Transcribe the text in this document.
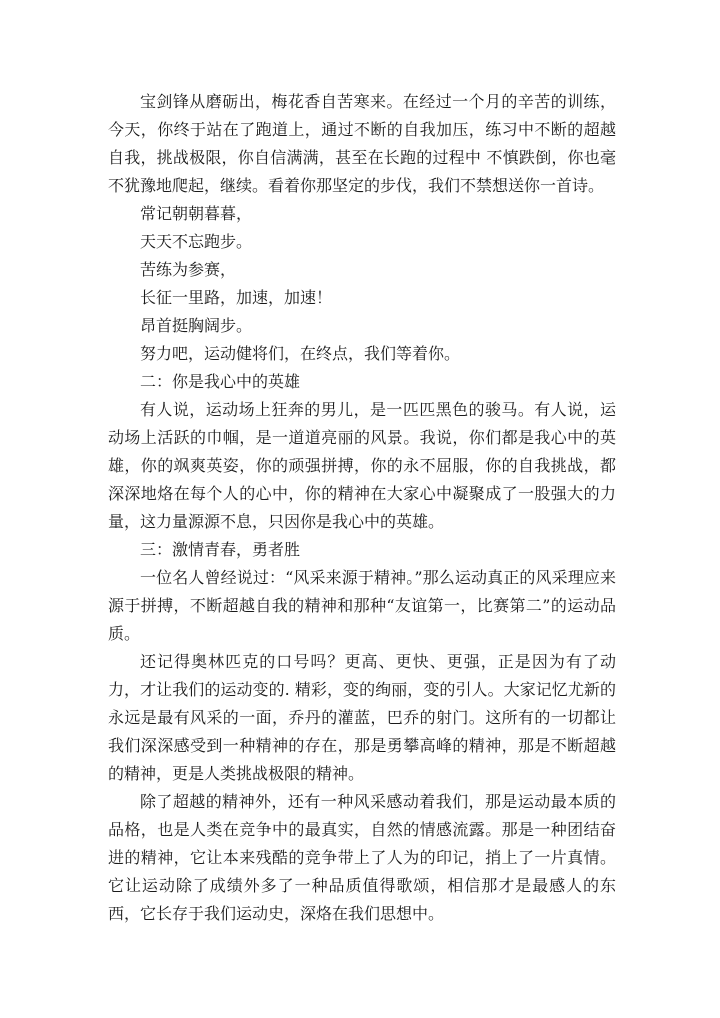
宝剑锋从磨砺出，梅花香自苦寒来。在经过一个月的辛苦的训练，今天，你终于站在了跑道上，通过不断的自我加压，练习中不断的超越自我，挑战极限，你自信满满，甚至在长跑的过程中 不慎跌倒，你也毫不犹豫地爬起，继续。看着你那坚定的步伐，我们不禁想送你一首诗。

常记朝朝暮暮，

天天不忘跑步。

苦练为参赛，

长征一里路，加速，加速！

昂首挺胸阔步。

努力吧，运动健将们，在终点，我们等着你。

二：你是我心中的英雄

有人说，运动场上狂奔的男儿，是一匹匹黑色的骏马。有人说，运动场上活跃的巾帼，是一道道亮丽的风景。我说，你们都是我心中的英雄，你的飒爽英姿，你的顽强拼搏，你的永不屈服，你的自我挑战，都深深地烙在每个人的心中，你的精神在大家心中凝聚成了一股强大的力量，这力量源源不息，只因你是我心中的英雄。

三：激情青春，勇者胜

一位名人曾经说过：“风采来源于精神。”那么运动真正的风采理应来源于拼搏，不断超越自我的精神和那种“友谊第一，比赛第二”的运动品质。

还记得奥林匹克的口号吗？更高、更快、更强，正是因为有了动力，才让我们的运动变的. 精彩，变的绚丽，变的引人。大家记忆尤新的永远是最有风采的一面，乔丹的灌蓝，巴乔的射门。这所有的一切都让我们深深感受到一种精神的存在，那是勇攀高峰的精神，那是不断超越的精神，更是人类挑战极限的精神。

除了超越的精神外，还有一种风采感动着我们，那是运动最本质的品格，也是人类在竞争中的最真实，自然的情感流露。那是一种团结奋进的精神，它让本来残酷的竞争带上了人为的印记，捎上了一片真情。它让运动除了成绩外多了一种品质值得歌颂，相信那才是最感人的东西，它长存于我们运动史，深烙在我们思想中。
